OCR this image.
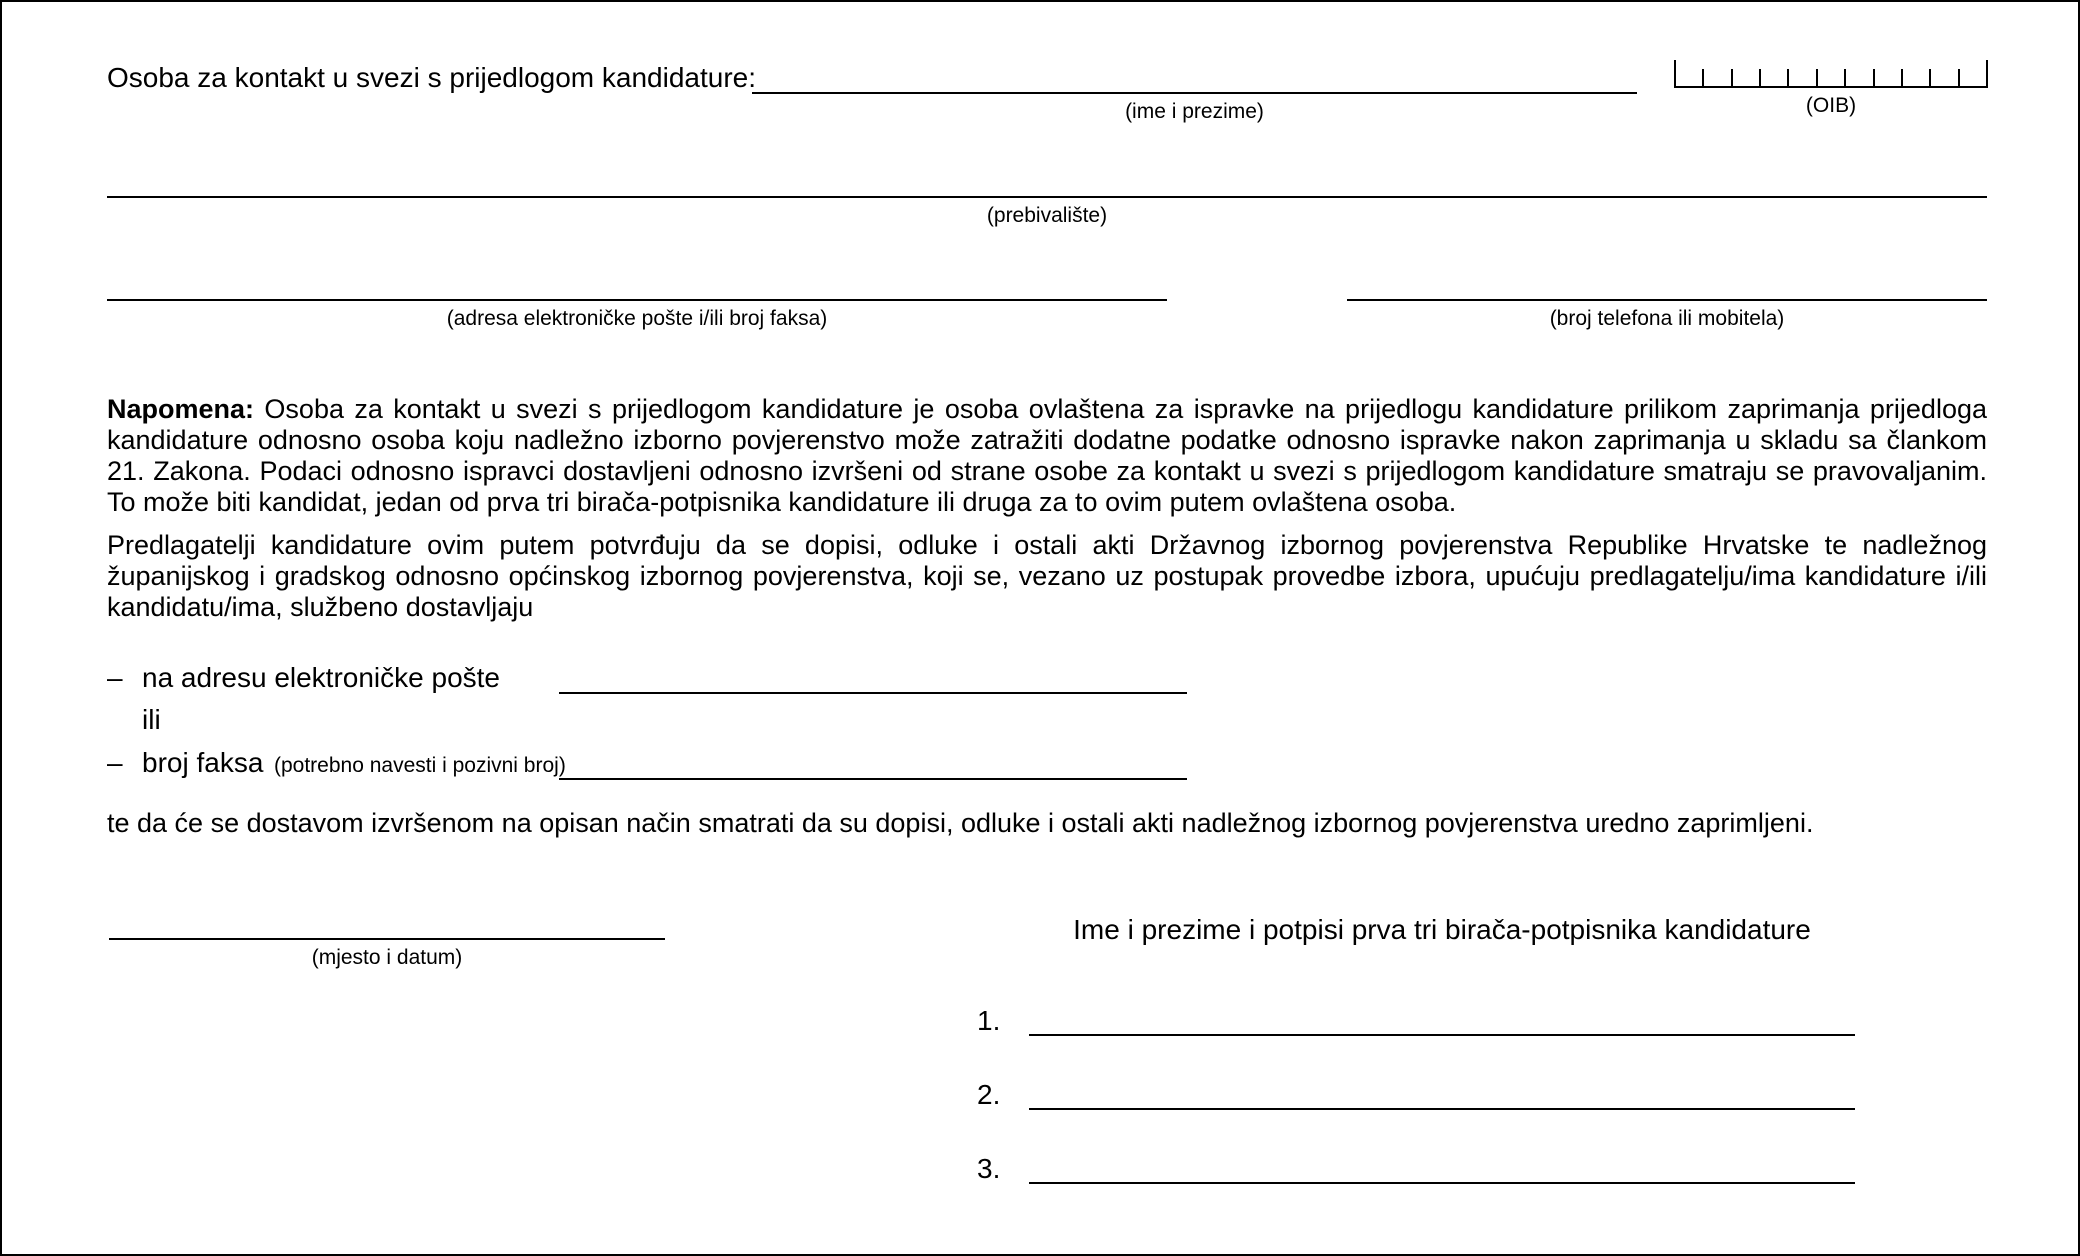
Osoba za kontakt u svezi s prijedlogom kandidature:
(ime i prezime)	(OIB)
(prebivalište)
(adresa elektroničke pošte i/ili broj faksa)	(broj telefona ili mobitela)
Napomena: Osoba za kontakt u svezi s prijedlogom kandidature je osoba ovlaštena za ispravke na prijedlogu kandidature prilikom zaprimanja prijedloga kandidature odnosno osoba koju nadležno izborno povjerenstvo može zatražiti dodatne podatke odnosno ispravke nakon zaprimanja u skladu sa člankom 21. Zakona. Podaci odnosno ispravci dostavljeni odnosno izvršeni od strane osobe za kontakt u svezi s prijedlogom kandidature smatraju se pravovaljanim. To može biti kandidat, jedan od prva tri birača-potpisnika kandidature ili druga za to ovim putem ovlaštena osoba.
Predlagatelji kandidature ovim putem potvrđuju da se dopisi, odluke i ostali akti Državnog izbornog povjerenstva Republike Hrvatske te nadležnog županijskog i gradskog odnosno općinskog izbornog povjerenstva, koji se, vezano uz postupak provedbe izbora, upućuju predlagatelju/ima kandidature i/ili kandidatu/ima, službeno dostavljaju
– na adresu elektroničke pošte
ili
– broj faksa (potrebno navesti i pozivni broj)
te da će se dostavom izvršenom na opisan način smatrati da su dopisi, odluke i ostali akti nadležnog izbornog povjerenstva uredno zaprimljeni.
(mjesto i datum)
Ime i prezime i potpisi prva tri birača-potpisnika kandidature
1.
2.
3.
